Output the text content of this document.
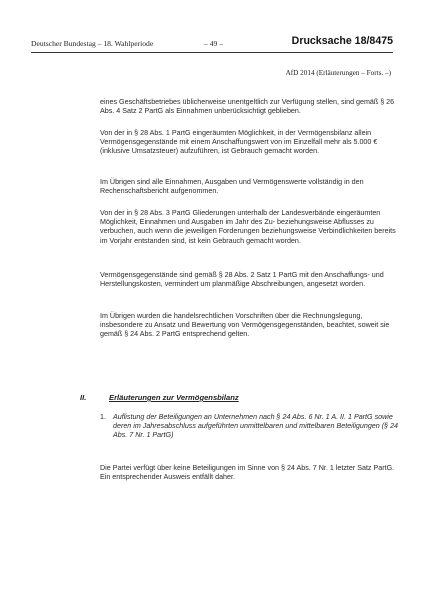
Deutscher Bundestag – 18. Wahlperiode	– 49 –	Drucksache 18/8475
AfD 2014 (Erläuterungen – Forts. –)

eines Geschäftsbetriebes üblicherweise unentgeltlich zur Verfügung stellen, sind gemäß § 26 Abs. 4 Satz 2 PartG als Einnahmen unberücksichtigt geblieben.

Von der in § 28 Abs. 1 PartG eingeräumten Möglichkeit, in der Vermögensbilanz allein Vermögensgegenstände mit einem Anschaffungswert von im Einzelfall mehr als 5.000 € (inklusive Umsatzsteuer) aufzuführen, ist Gebrauch gemacht worden.

Im Übrigen sind alle Einnahmen, Ausgaben und Vermögenswerte vollständig in den Rechenschaftsbericht aufgenommen.

Von der in § 28 Abs. 3 PartG Gliederungen unterhalb der Landesverbände eingeräumten Möglichkeit, Einnahmen und Ausgaben im Jahr des Zu- beziehungsweise Abflusses zu verbuchen, auch wenn die jeweiligen Forderungen beziehungsweise Verbindlichkeiten bereits im Vorjahr entstanden sind, ist kein Gebrauch gemacht worden.

Vermögensgegenstände sind gemäß § 28 Abs. 2 Satz 1 PartG mit den Anschaffungs- und Herstellungskosten, vermindert um planmäßige Abschreibungen, angesetzt worden.

Im Übrigen wurden die handelsrechtlichen Vorschriften über die Rechnungslegung, insbesondere zu Ansatz und Bewertung von Vermögensgegenständen, beachtet, soweit sie gemäß § 24 Abs. 2 PartG entsprechend gelten.

II.	Erläuterungen zur Vermögensbilanz
1. Auflistung der Beteiligungen an Unternehmen nach § 24 Abs. 6 Nr. 1 A. II. 1 PartG sowie deren im Jahresabschluss aufgeführten unmittelbaren und mittelbaren Beteiligungen (§ 24 Abs. 7 Nr. 1 PartG)

Die Partei verfügt über keine Beteiligungen im Sinne von § 24 Abs. 7 Nr. 1 letzter Satz PartG. Ein entsprechender Ausweis entfällt daher.
